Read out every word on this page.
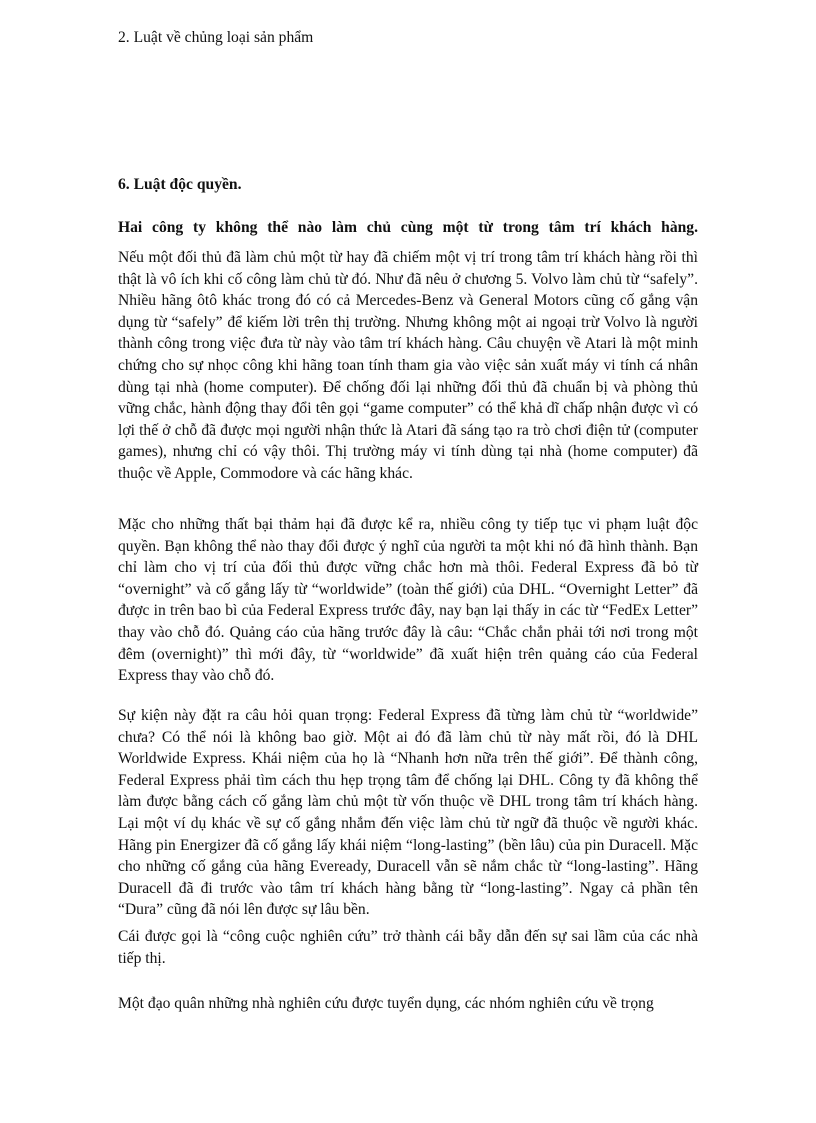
2. Luật về chủng loại sản phẩm
6. Luật độc quyền.
Hai công ty không thể nào làm chủ cùng một từ trong tâm trí khách hàng.

Nếu một đối thủ đã làm chủ một từ hay đã chiếm một vị trí trong tâm trí khách hàng rồi thì thật là vô ích khi cố công làm chủ từ đó. Như đã nêu ở chương 5. Volvo làm chủ từ “safely”. Nhiều hãng ôtô khác trong đó có cả Mercedes-Benz và General Motors cũng cố gắng vận dụng từ “safely” để kiếm lời trên thị trường. Nhưng không một ai ngoại trừ Volvo là người thành công trong việc đưa từ này vào tâm trí khách hàng. Câu chuyện về Atari là một minh chứng cho sự nhọc công khi hãng toan tính tham gia vào việc sản xuất máy vi tính cá nhân dùng tại nhà (home computer). Để chống đối lại những đối thủ đã chuẩn bị và phòng thủ vững chắc, hành động thay đổi tên gọi “game computer” có thể khả dĩ chấp nhận được vì có lợi thế ở chỗ đã được mọi người nhận thức là Atari đã sáng tạo ra trò chơi điện tử (computer games), nhưng chỉ có vậy thôi. Thị trường máy vi tính dùng tại nhà (home computer) đã thuộc về Apple, Commodore và các hãng khác.

Mặc cho những thất bại thảm hại đã được kể ra, nhiều công ty tiếp tục vi phạm luật độc quyền. Bạn không thể nào thay đổi được ý nghĩ của người ta một khi nó đã hình thành. Bạn chỉ làm cho vị trí của đối thủ được vững chắc hơn mà thôi. Federal Express đã bỏ từ “overnight” và cố gắng lấy từ “worldwide” (toàn thế giới) của DHL. “Overnight Letter” đã được in trên bao bì của Federal Express trước đây, nay bạn lại thấy in các từ “FedEx Letter” thay vào chỗ đó. Quảng cáo của hãng trước đây là câu: “Chắc chắn phải tới nơi trong một đêm (overnight)” thì mới đây, từ “worldwide” đã xuất hiện trên quảng cáo của Federal Express thay vào chỗ đó.

Sự kiện này đặt ra câu hỏi quan trọng: Federal Express đã từng làm chủ từ “worldwide” chưa? Có thể nói là không bao giờ. Một ai đó đã làm chủ từ này mất rồi, đó là DHL Worldwide Express. Khái niệm của họ là “Nhanh hơn nữa trên thế giới”. Để thành công, Federal Express phải tìm cách thu hẹp trọng tâm để chống lại DHL. Công ty đã không thể làm được bằng cách cố gắng làm chủ một từ vốn thuộc về DHL trong tâm trí khách hàng. Lại một ví dụ khác về sự cố gắng nhắm đến việc làm chủ từ ngữ đã thuộc về người khác. Hãng pin Energizer đã cố gắng lấy khái niệm “long-lasting” (bền lâu) của pin Duracell. Mặc cho những cố gắng của hãng Eveready, Duracell vẫn sẽ nắm chắc từ “long-lasting”. Hãng Duracell đã đi trước vào tâm trí khách hàng bằng từ “long-lasting”. Ngay cả phần tên “Dura” cũng đã nói lên được sự lâu bền.

Cái được gọi là “công cuộc nghiên cứu” trở thành cái bẫy dẫn đến sự sai lầm của các nhà tiếp thị.

Một đạo quân những nhà nghiên cứu được tuyển dụng, các nhóm nghiên cứu về trọng
